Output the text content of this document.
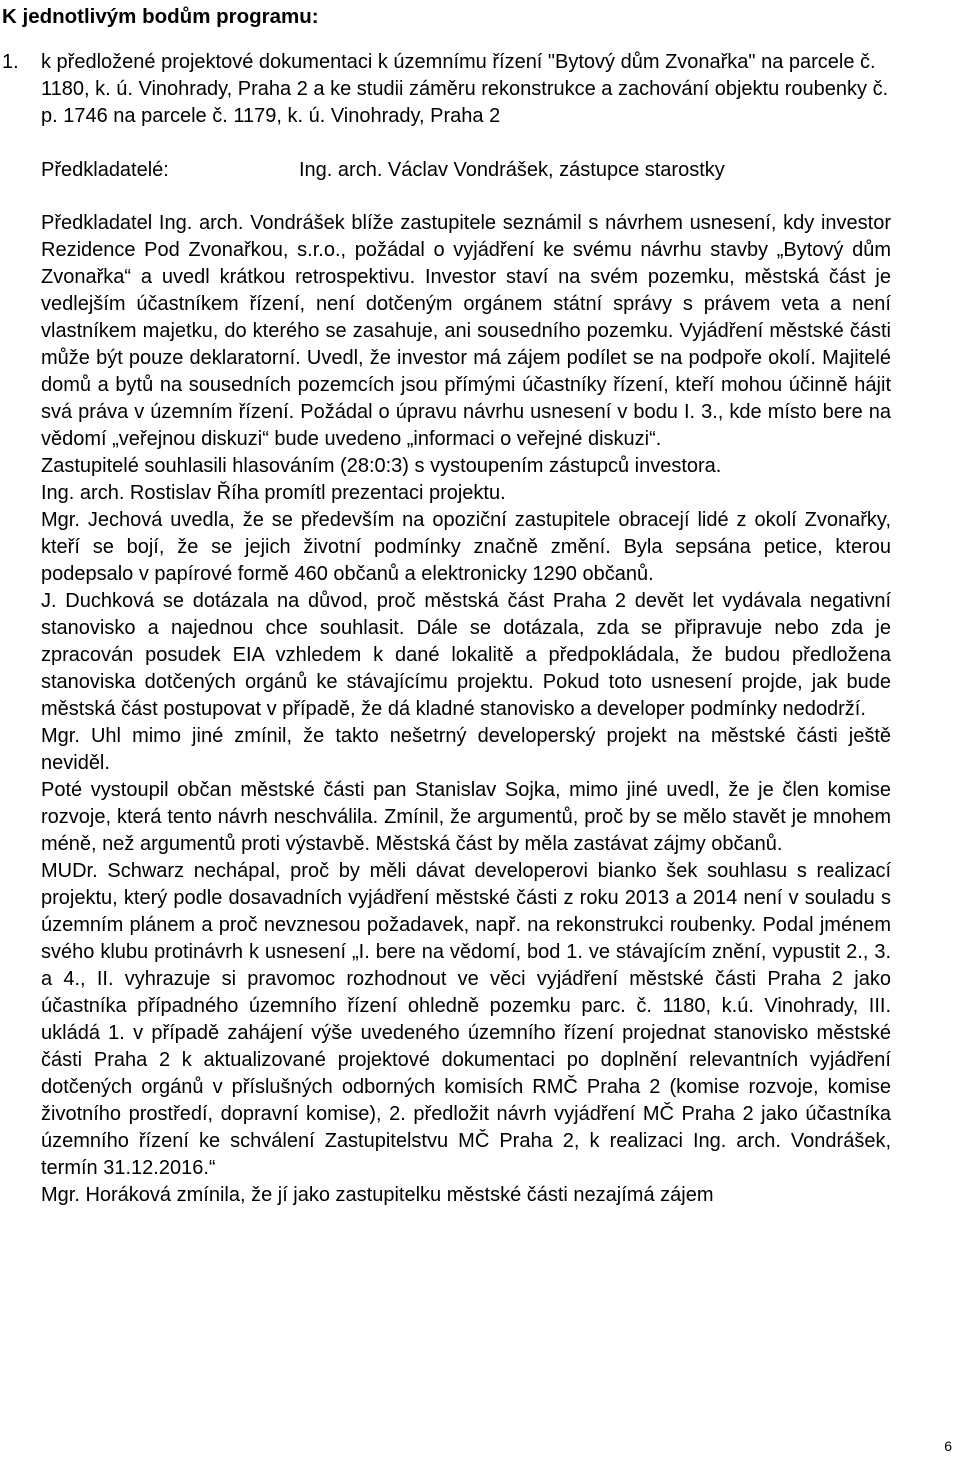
K jednotlivým bodům programu:
1. k předložené projektové dokumentaci k územnímu řízení "Bytový dům Zvonařka" na parcele č. 1180, k. ú. Vinohrady, Praha 2 a ke studii záměru rekonstrukce a zachování objektu roubenky č. p. 1746 na parcele č. 1179, k. ú. Vinohrady, Praha 2
Předkladatelé:	Ing. arch. Václav Vondrášek, zástupce starostky

Předkladatel Ing. arch. Vondrášek blíže zastupitele seznámil s návrhem usnesení, kdy investor Rezidence Pod Zvonařkou, s.r.o., požádal o vyjádření ke svému návrhu stavby „Bytový dům Zvonařka“ a uvedl krátkou retrospektivu. Investor staví na svém pozemku, městská část je vedlejším účastníkem řízení, není dotčeným orgánem státní správy s právem veta a není vlastníkem majetku, do kterého se zasahuje, ani sousedního pozemku. Vyjádření městské části může být pouze deklaratorní. Uvedl, že investor má zájem podílet se na podpoře okolí. Majitelé domů a bytů na sousedních pozemcích jsou přímými účastníky řízení, kteří mohou účinně hájit svá práva v územním řízení. Požádal o úpravu návrhu usnesení v bodu I. 3., kde místo bere na vědomí „veřejnou diskuzi“ bude uvedeno „informaci o veřejné diskuzi“.

Zastupitelé souhlasili hlasováním (28:0:3) s vystoupením zástupců investora.

Ing. arch. Rostislav Říha promítl prezentaci projektu.

Mgr. Jechová uvedla, že se především na opoziční zastupitele obracejí lidé z okolí Zvonařky, kteří se bojí, že se jejich životní podmínky značně změní. Byla sepsána petice, kterou podepsalo v papírové formě 460 občanů a elektronicky 1290 občanů.

J. Duchková se dotázala na důvod, proč městská část Praha 2 devět let vydávala negativní stanovisko a najednou chce souhlasit. Dále se dotázala, zda se připravuje nebo zda je zpracován posudek EIA vzhledem k dané lokalitě a předpokládala, že budou předložena stanoviska dotčených orgánů ke stávajícímu projektu. Pokud toto usnesení projde, jak bude městská část postupovat v případě, že dá kladné stanovisko a developer podmínky nedodrží.

Mgr. Uhl mimo jiné zmínil, že takto nešetrný developerský projekt na městské části ještě neviděl.

Poté vystoupil občan městské části pan Stanislav Sojka, mimo jiné uvedl, že je člen komise rozvoje, která tento návrh neschválila. Zmínil, že argumentů, proč by se mělo stavět je mnohem méně, než argumentů proti výstavbě. Městská část by měla zastávat zájmy občanů.

MUDr. Schwarz nechápal, proč by měli dávat developerovi bianko šek souhlasu s realizací projektu, který podle dosavadních vyjádření městské části z roku 2013 a 2014 není v souladu s územním plánem a proč nevznesou požadavek, např. na rekonstrukci roubenky. Podal jménem svého klubu protinávrh k usnesení „I. bere na vědomí, bod 1. ve stávajícím znění, vypustit 2., 3. a 4., II. vyhrazuje si pravomoc rozhodnout ve věci vyjádření městské části Praha 2 jako účastníka případného územního řízení ohledně pozemku parc. č. 1180, k.ú. Vinohrady, III. ukládá 1. v případě zahájení výše uvedeného územního řízení projednat stanovisko městské části Praha 2 k aktualizované projektové dokumentaci po doplnění relevantních vyjádření dotčených orgánů v příslušných odborných komisích RMČ Praha 2 (komise rozvoje, komise životního prostředí, dopravní komise), 2. předložit návrh vyjádření MČ Praha 2 jako účastníka územního řízení ke schválení Zastupitelstvu MČ Praha 2, k realizaci Ing. arch. Vondrášek, termín 31.12.2016.“

Mgr. Horáková zmínila, že jí jako zastupitelku městské části nezajímá zájem

6
